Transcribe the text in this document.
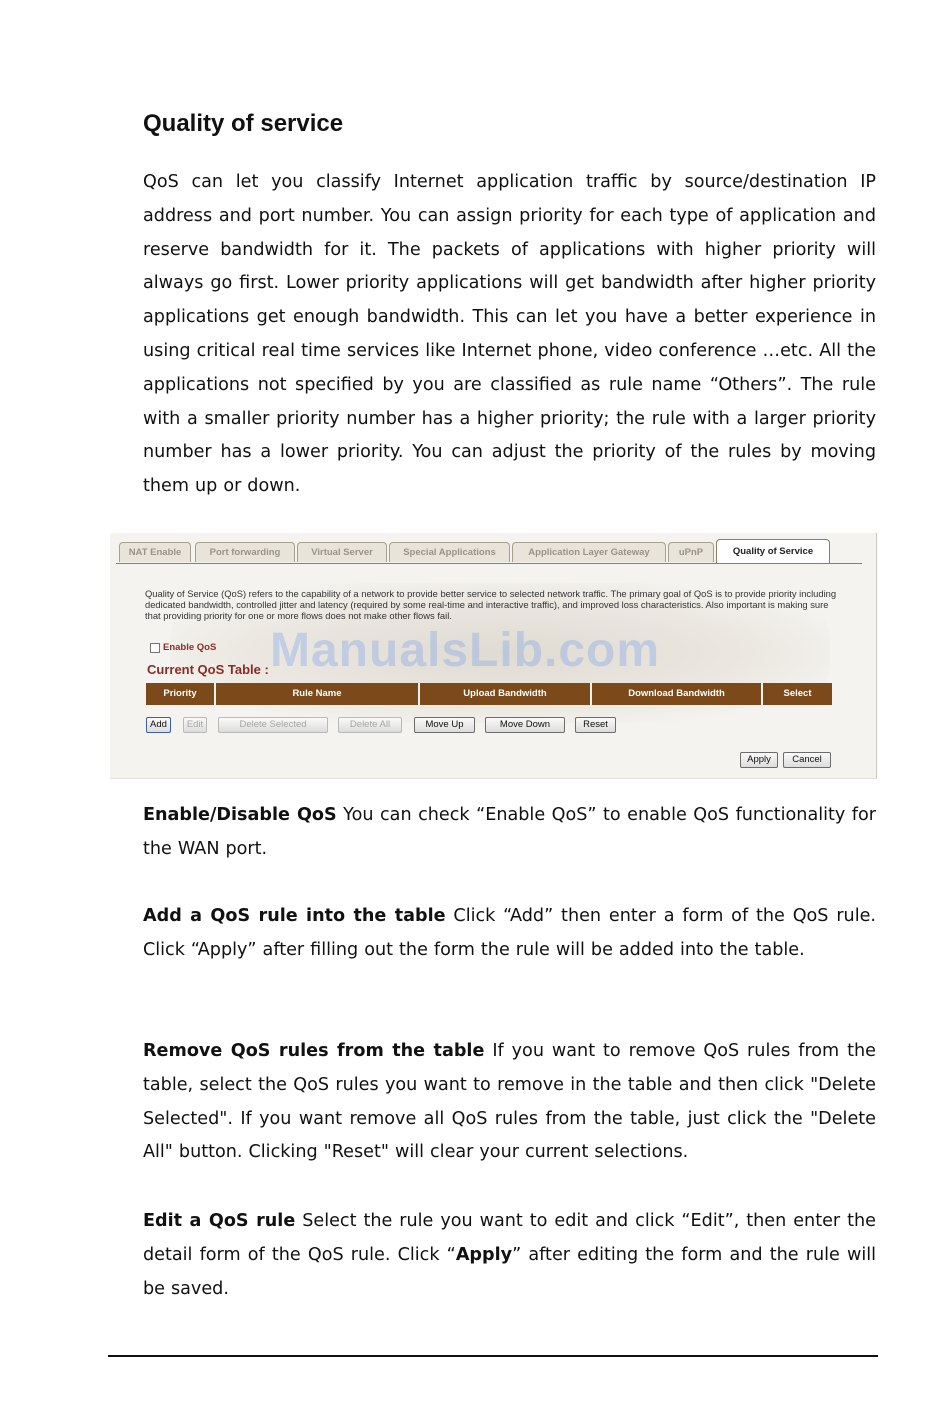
Quality of service

QoS can let you classify Internet application traffic by source/destination IP address and port number. You can assign priority for each type of application and reserve bandwidth for it. The packets of applications with higher priority will always go first. Lower priority applications will get bandwidth after higher priority applications get enough bandwidth. This can let you have a better experience in using critical real time services like Internet phone, video conference …etc. All the applications not specified by you are classified as rule name “Others”. The rule with a smaller priority number has a higher priority; the rule with a larger priority number has a lower priority. You can adjust the priority of the rules by moving them up or down.

NAT Enable	Port forwarding	Virtual Server	Special Applications	Application Layer Gateway	uPnP	Quality of Service
ManualsLib.com

Quality of Service (QoS) refers to the capability of a network to provide better service to selected network traffic. The primary goal of QoS is to provide priority including dedicated bandwidth, controlled jitter and latency (required by some real-time and interactive traffic), and improved loss characteristics. Also important is making sure that providing priority for one or more flows does not make other flows fail.

Enable QoS
Current QoS Table :
Priority	Rule Name	Upload Bandwidth	Download Bandwidth	Select
Add	Edit	Delete Selected	Delete All	Move Up	Move Down	Reset
Apply	Cancel

Enable/Disable QoS You can check “Enable QoS” to enable QoS functionality for the WAN port.

Add a QoS rule into the table Click “Add” then enter a form of the QoS rule. Click “Apply” after filling out the form the rule will be added into the table.

Remove QoS rules from the table If you want to remove QoS rules from the table, select the QoS rules you want to remove in the table and then click "Delete Selected". If you want remove all QoS rules from the table, just click the "Delete All" button. Clicking "Reset" will clear your current selections.

Edit a QoS rule Select the rule you want to edit and click “Edit”, then enter the detail form of the QoS rule. Click “Apply” after editing the form and the rule will be saved.
